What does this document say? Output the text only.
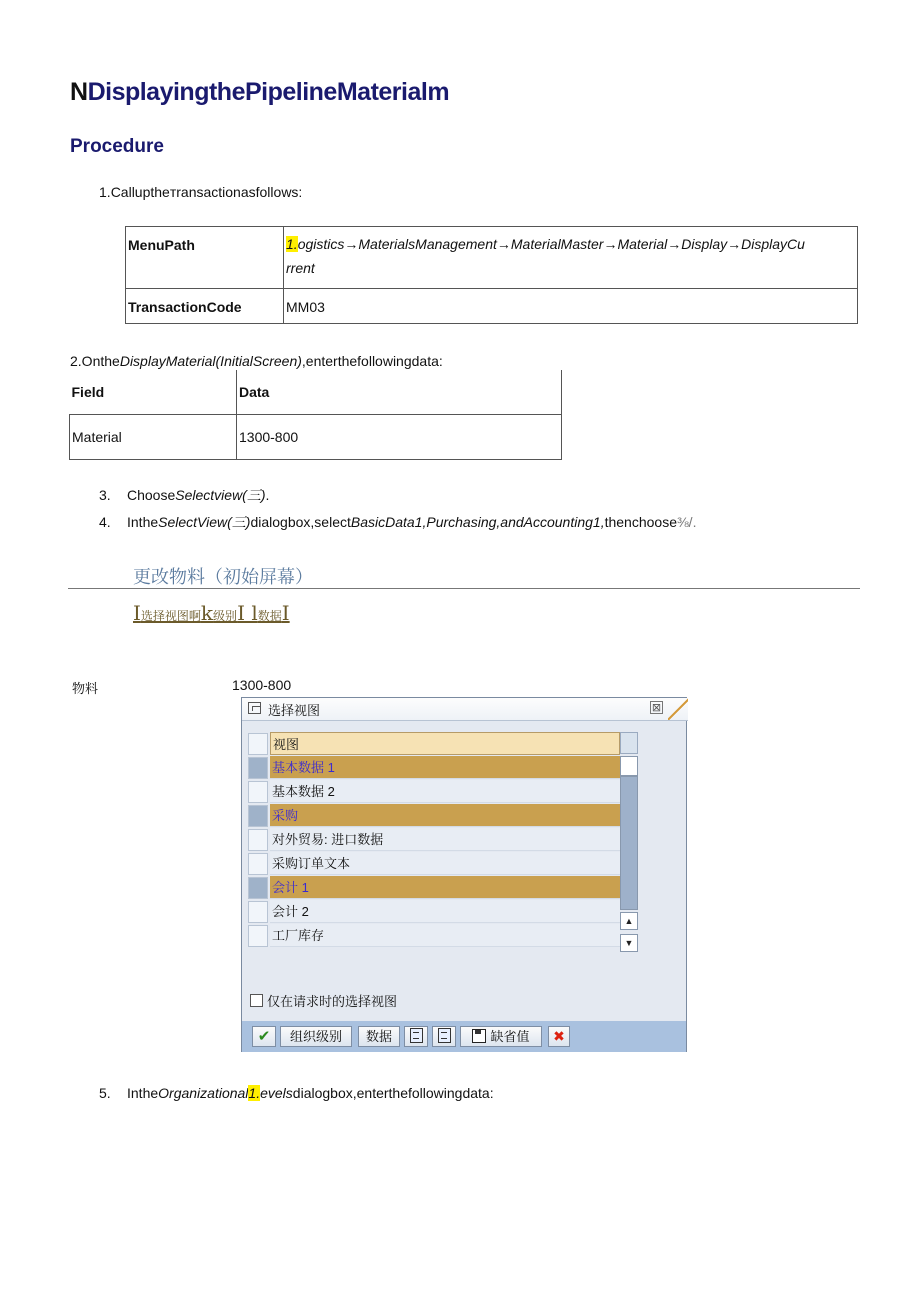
NDisplayingthePipelineMaterialm
Procedure
1.Calluptheтransactionasfollows:
MenuPath	1.ogistics→MaterialsManagement→MaterialMaster→Material→Display→DisplayCu
rrent
TransactionCode	MM03
2.OntheDisplayMaterial(InitialScreen),enterthefollowingdata:
Field	Data
Material	1300-800
3. ChooseSelectview(三).
4. IntheSelectView(三)dialogbox,selectBasicData1,Purchasing,andAccounting1,thenchoose⅜/.
更改物料（初始屏幕）
I选择视图啊k级别I l数据I
物料	1300-800
选择视图	⊠
视图
基本数据 1
基本数据 2
采购
对外贸易: 进口数据
采购订单文本
会计 1
会计 2
工厂库存
▲
▼
仅在请求时的选择视图
✔	组织级别	数据	缺省值	✖
5. IntheOrganizational1.evelsdialogbox,enterthefollowingdata:
